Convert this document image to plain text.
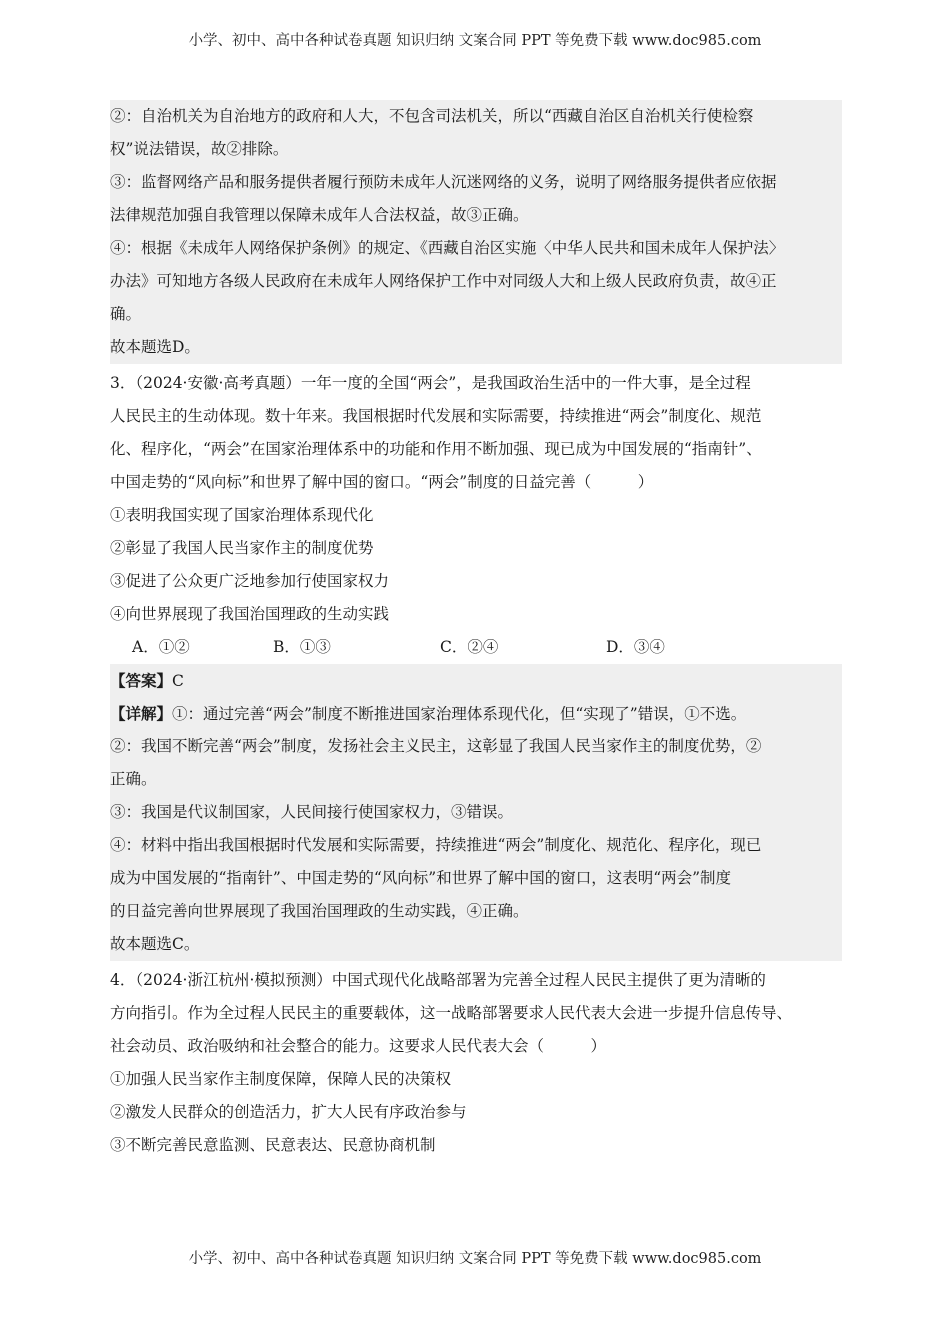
小学、初中、高中各种试卷真题 知识归纳 文案合同 PPT 等免费下载 www.doc985.com
②：自治机关为自治地方的政府和人大，不包含司法机关，所以“西藏自治区自治机关行使检察
权”说法错误，故②排除。
③：监督网络产品和服务提供者履行预防未成年人沉迷网络的义务，说明了网络服务提供者应依据
法律规范加强自我管理以保障未成年人合法权益，故③正确。
④：根据《未成年人网络保护条例》的规定、《西藏自治区实施〈中华人民共和国未成年人保护法〉
办法》可知地方各级人民政府在未成年人网络保护工作中对同级人大和上级人民政府负责，故④正
确。
故本题选D。
3．（2024·安徽·高考真题）一年一度的全国“两会”，是我国政治生活中的一件大事，是全过程
人民民主的生动体现。数十年来。我国根据时代发展和实际需要，持续推进“两会”制度化、规范
化、程序化，“两会”在国家治理体系中的功能和作用不断加强、现已成为中国发展的“指南针”、
中国走势的“风向标”和世界了解中国的窗口。“两会”制度的日益完善（　　　）
①表明我国实现了国家治理体系现代化
②彰显了我国人民当家作主的制度优势
③促进了公众更广泛地参加行使国家权力
④向世界展现了我国治国理政的生动实践
A．①②	B．①③	C．②④	D．③④
【答案】C
【详解】①：通过完善“两会”制度不断推进国家治理体系现代化，但“实现了”错误，①不选。
②：我国不断完善“两会”制度，发扬社会主义民主，这彰显了我国人民当家作主的制度优势，②
正确。
③：我国是代议制国家，人民间接行使国家权力，③错误。
④：材料中指出我国根据时代发展和实际需要，持续推进“两会”制度化、规范化、程序化，现已
成为中国发展的“指南针”、中国走势的“风向标”和世界了解中国的窗口，这表明“两会”制度
的日益完善向世界展现了我国治国理政的生动实践，④正确。
故本题选C。
4．（2024·浙江杭州·模拟预测）中国式现代化战略部署为完善全过程人民民主提供了更为清晰的
方向指引。作为全过程人民民主的重要载体，这一战略部署要求人民代表大会进一步提升信息传导、
社会动员、政治吸纳和社会整合的能力。这要求人民代表大会（　　　）
①加强人民当家作主制度保障，保障人民的决策权
②激发人民群众的创造活力，扩大人民有序政治参与
③不断完善民意监测、民意表达、民意协商机制
小学、初中、高中各种试卷真题 知识归纳 文案合同 PPT 等免费下载 www.doc985.com
